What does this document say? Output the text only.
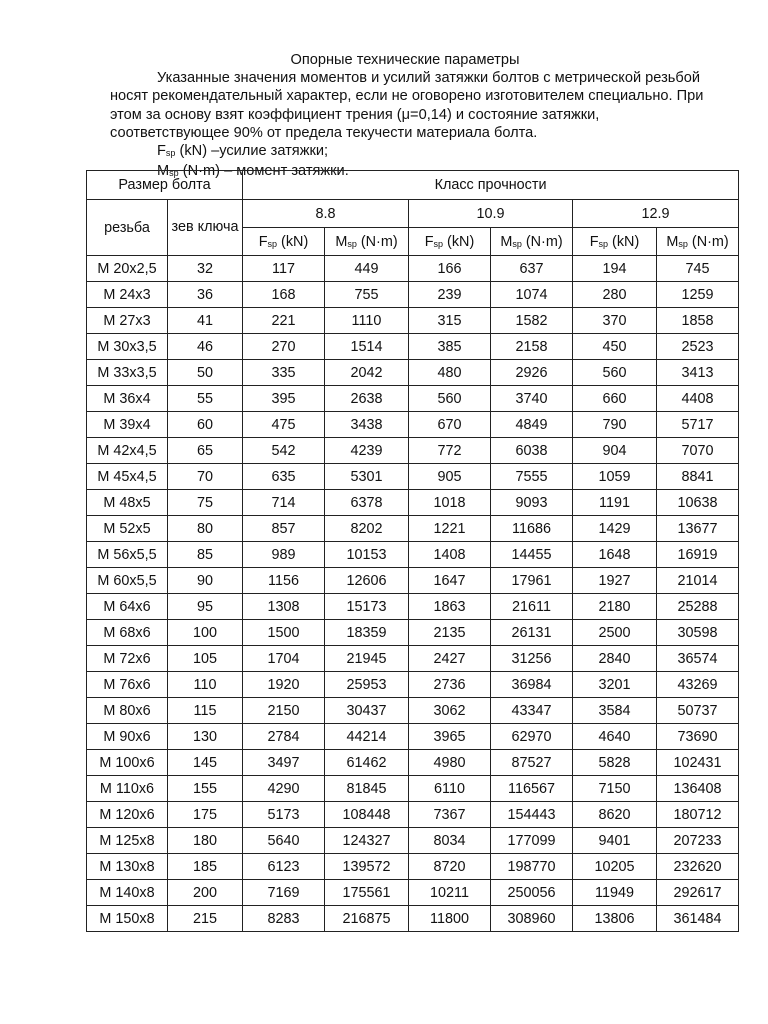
Опорные технические параметры
Указанные значения моментов и усилий затяжки болтов с метрической резьбой носят рекомендательный характер, если не оговорено изготовителем специально. При этом за основу взят коэффициент трения (μ=0,14) и состояние затяжки, соответствующее 90% от предела текучести материала болта.
$F_{sp}$ (kN) –усилие затяжки;
$M_{sp}$ (N·m) – момент затяжки.
Размер болта		Класс прочности					
резьба	зев ключа	8.8		10.9		12.9	
		$F_{sp}$ (kN)	$M_{sp}$ (N·m)	$F_{sp}$ (kN)	$M_{sp}$ (N·m)	$F_{sp}$ (kN)	$M_{sp}$ (N·m)
M 20x2,5	32	117	449	166	637	194	745
M 24x3	36	168	755	239	1074	280	1259
M 27x3	41	221	1110	315	1582	370	1858
M 30x3,5	46	270	1514	385	2158	450	2523
M 33x3,5	50	335	2042	480	2926	560	3413
M 36x4	55	395	2638	560	3740	660	4408
M 39x4	60	475	3438	670	4849	790	5717
M 42x4,5	65	542	4239	772	6038	904	7070
M 45x4,5	70	635	5301	905	7555	1059	8841
M 48x5	75	714	6378	1018	9093	1191	10638
M 52x5	80	857	8202	1221	11686	1429	13677
M 56x5,5	85	989	10153	1408	14455	1648	16919
M 60x5,5	90	1156	12606	1647	17961	1927	21014
M 64x6	95	1308	15173	1863	21611	2180	25288
M 68x6	100	1500	18359	2135	26131	2500	30598
M 72x6	105	1704	21945	2427	31256	2840	36574
M 76x6	110	1920	25953	2736	36984	3201	43269
M 80x6	115	2150	30437	3062	43347	3584	50737
M 90x6	130	2784	44214	3965	62970	4640	73690
M 100x6	145	3497	61462	4980	87527	5828	102431
M 110x6	155	4290	81845	6110	116567	7150	136408
M 120x6	175	5173	108448	7367	154443	8620	180712
M 125x8	180	5640	124327	8034	177099	9401	207233
M 130x8	185	6123	139572	8720	198770	10205	232620
M 140x8	200	7169	175561	10211	250056	11949	292617
M 150x8	215	8283	216875	11800	308960	13806	361484
